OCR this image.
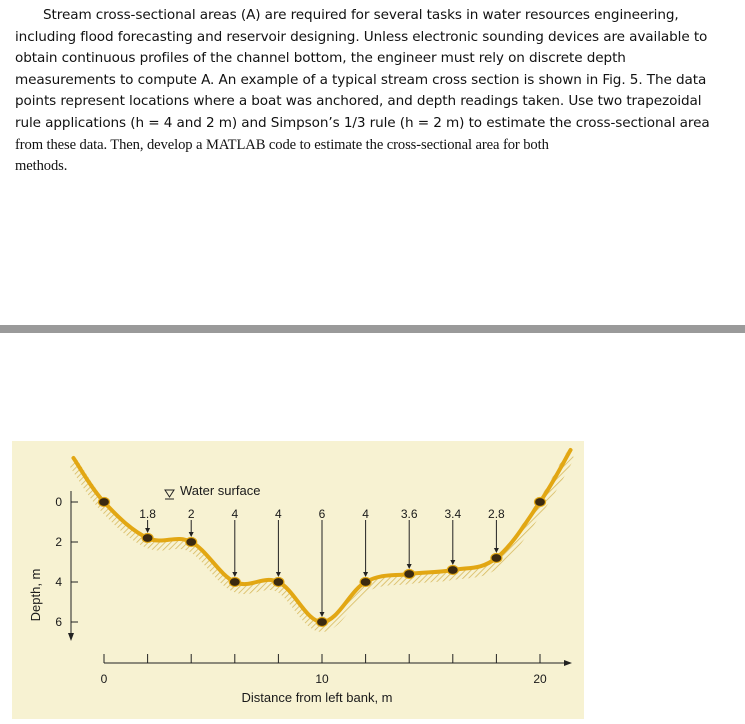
Stream cross-sectional areas (A) are required for several tasks in water resources engineering,
including flood forecasting and reservoir designing. Unless electronic sounding devices are available to
obtain continuous profiles of the channel bottom, the engineer must rely on discrete depth
measurements to compute A. An example of a typical stream cross section is shown in Fig. 5. The data
points represent locations where a boat was anchored, and depth readings taken. Use two trapezoidal
rule applications (h = 4 and 2 m) and Simpson’s 1/3 rule (h = 2 m) to estimate the cross-sectional area
from these data. Then, develop a MATLAB code to estimate the cross-sectional area for both
methods.
1.8	2	4	4	6	4	3.6 3.4 2.8
Water surface
0
2
4
6
Depth, m
0	10	20
Distance from left bank, m
